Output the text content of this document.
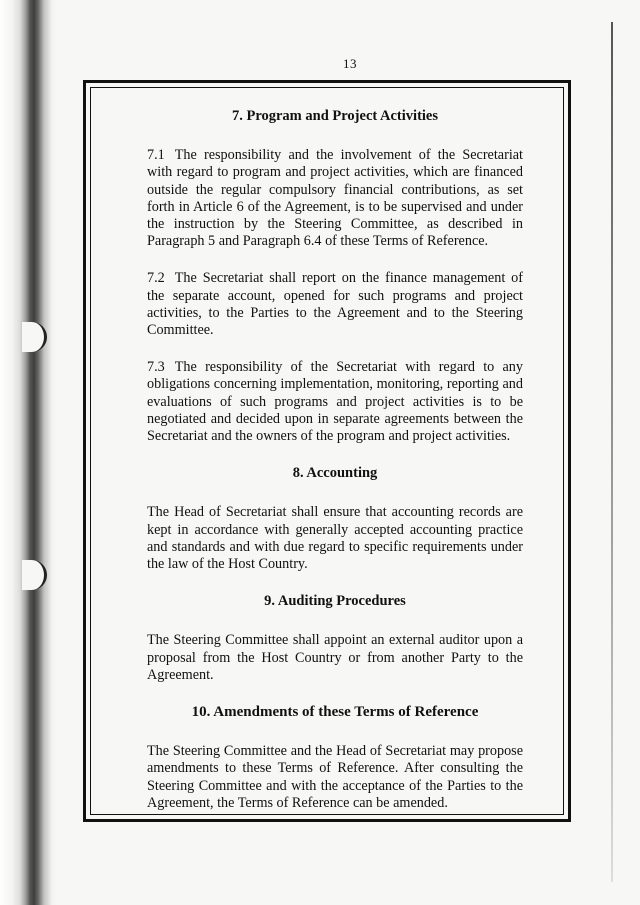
13
7. Program and Project Activities

7.1 The responsibility and the involvement of the Secretariat with regard to program and project activities, which are financed outside the regular compulsory financial contributions, as set forth in Article 6 of the Agreement, is to be supervised and under the instruction by the Steering Committee, as described in Paragraph 5 and Paragraph 6.4 of these Terms of Reference.

7.2 The Secretariat shall report on the finance management of the separate account, opened for such programs and project activities, to the Parties to the Agreement and to the Steering Committee.

7.3 The responsibility of the Secretariat with regard to any obligations concerning implementation, monitoring, reporting and evaluations of such programs and project activities is to be negotiated and decided upon in separate agreements between the Secretariat and the owners of the program and project activities.

8. Accounting

The Head of Secretariat shall ensure that accounting records are kept in accordance with generally accepted accounting practice and standards and with due regard to specific requirements under the law of the Host Country.

9. Auditing Procedures

The Steering Committee shall appoint an external auditor upon a proposal from the Host Country or from another Party to the Agreement.

10. Amendments of these Terms of Reference

The Steering Committee and the Head of Secretariat may propose amendments to these Terms of Reference. After consulting the Steering Committee and with the acceptance of the Parties to the Agreement, the Terms of Reference can be amended.
